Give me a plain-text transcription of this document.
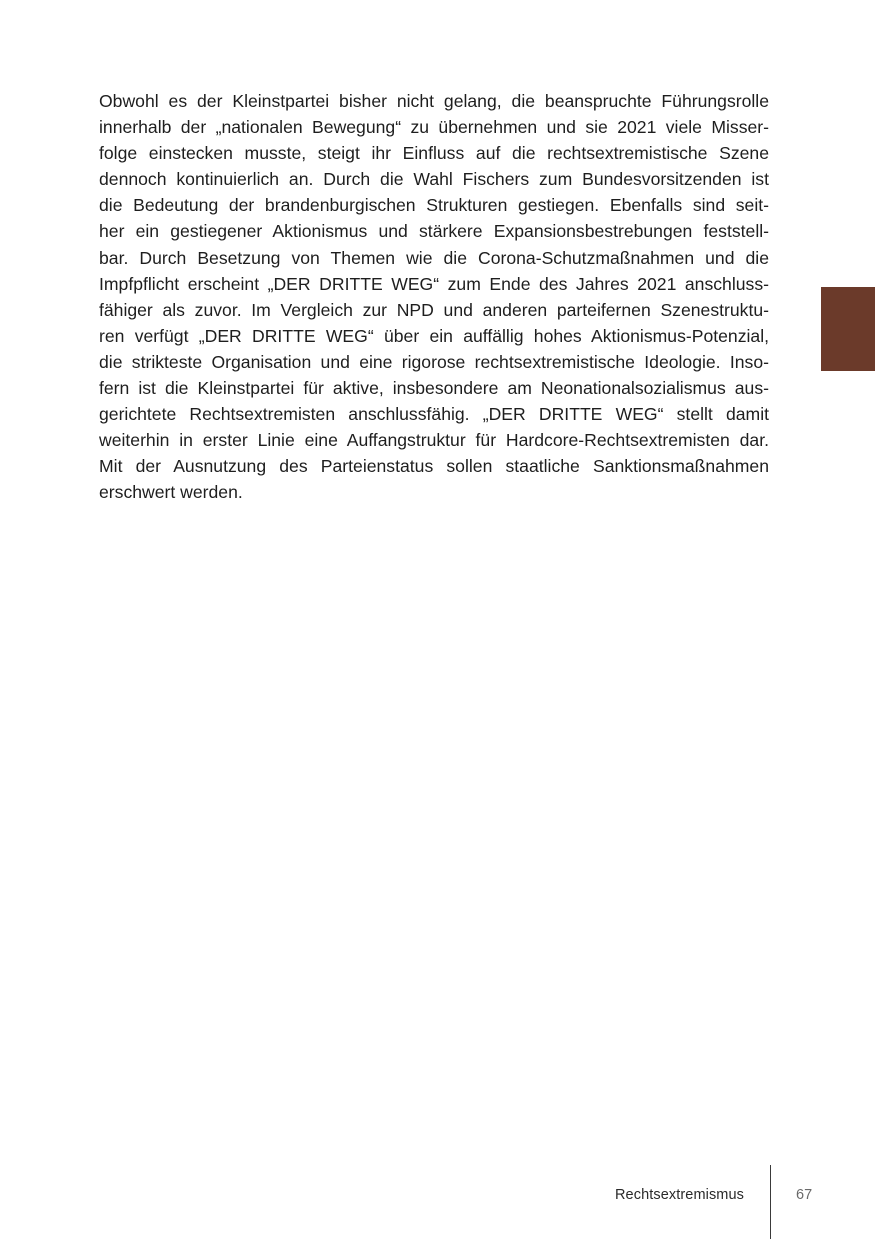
Obwohl es der Kleinstpartei bisher nicht gelang, die beanspruchte Führungsrolle
innerhalb der „nationalen Bewegung“ zu übernehmen und sie 2021 viele Misser-
folge einstecken musste, steigt ihr Einfluss auf die rechtsextremistische Szene
dennoch kontinuierlich an. Durch die Wahl Fischers zum Bundesvorsitzenden ist
die Bedeutung der brandenburgischen Strukturen gestiegen. Ebenfalls sind seit-
her ein gestiegener Aktionismus und stärkere Expansionsbestrebungen feststell-
bar. Durch Besetzung von Themen wie die Corona-Schutzmaßnahmen und die
Impfpflicht erscheint „DER DRITTE WEG“ zum Ende des Jahres 2021 anschluss-
fähiger als zuvor. Im Vergleich zur NPD und anderen parteifernen Szenestruktu-
ren verfügt „DER DRITTE WEG“ über ein auffällig hohes Aktionismus-Potenzial,
die strikteste Organisation und eine rigorose rechtsextremistische Ideologie. Inso-
fern ist die Kleinstpartei für aktive, insbesondere am Neonationalsozialismus aus-
gerichtete Rechtsextremisten anschlussfähig. „DER DRITTE WEG“ stellt damit
weiterhin in erster Linie eine Auffangstruktur für Hardcore-Rechtsextremisten dar.
Mit der Ausnutzung des Parteienstatus sollen staatliche Sanktionsmaßnahmen
erschwert werden.
Rechtsextremismus	67
